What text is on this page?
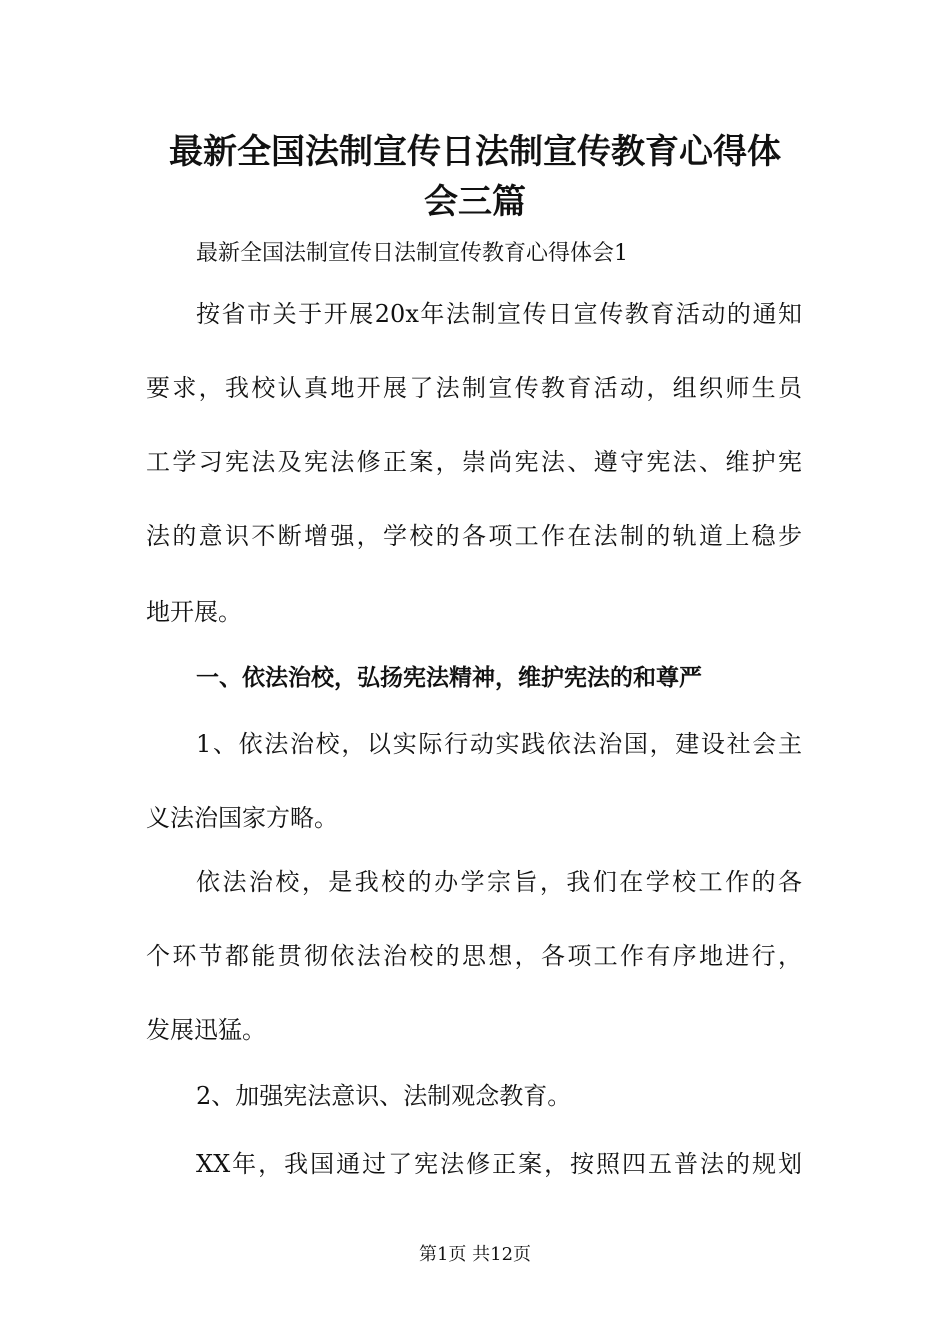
最新全国法制宣传日法制宣传教育心得体
会三篇

最新全国法制宣传日法制宣传教育心得体会1

按省市关于开展20x年法制宣传日宣传教育活动的通知

要求，我校认真地开展了法制宣传教育活动，组织师生员

工学习宪法及宪法修正案，崇尚宪法、遵守宪法、维护宪

法的意识不断增强，学校的各项工作在法制的轨道上稳步

地开展。

一、依法治校，弘扬宪法精神，维护宪法的和尊严

1、依法治校，以实际行动实践依法治国，建设社会主

义法治国家方略。

依法治校，是我校的办学宗旨，我们在学校工作的各

个环节都能贯彻依法治校的思想，各项工作有序地进行，

发展迅猛。

2、加强宪法意识、法制观念教育。

XX年，我国通过了宪法修正案，按照四五普法的规划

第1页 共12页
